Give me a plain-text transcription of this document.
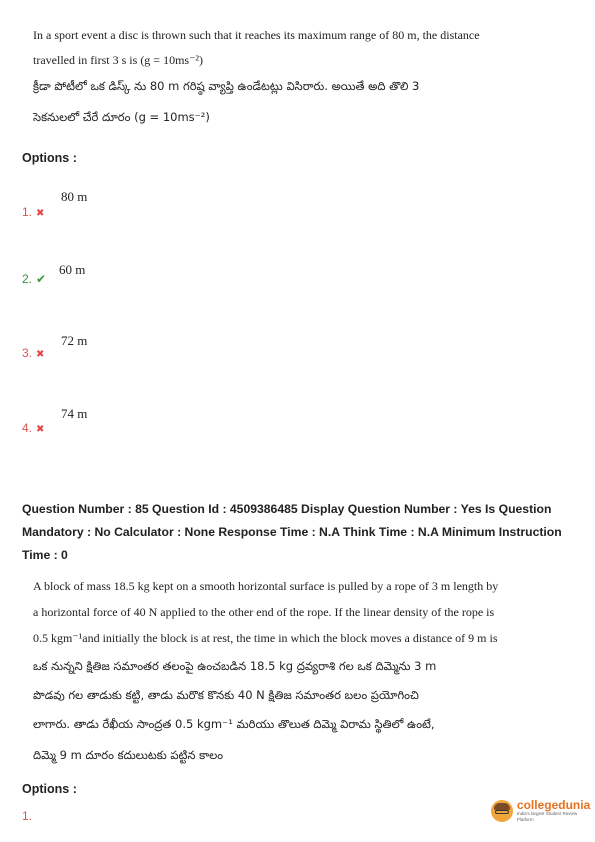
In a sport event a disc is thrown such that it reaches its maximum range of 80 m, the distance
travelled in first 3 s is (g = 10ms⁻²)
క్రీడా పోటీలో ఒక డిస్క్ ను 80 m గరిష్ఠ వ్యాప్తి ఉండేటట్లు విసిరారు. అయితే అది తొలి 3
సెకనులలో చేరే దూరం (g = 10ms⁻²)
Options :
80 m
1. ✖
60 m
2. ✔
72 m
3. ✖
74 m
4. ✖
Question Number : 85 Question Id : 4509386485 Display Question Number : Yes Is Question
Mandatory : No Calculator : None Response Time : N.A Think Time : N.A Minimum Instruction
Time : 0
A block of mass 18.5 kg kept on a smooth horizontal surface is pulled by a rope of 3 m length by
a horizontal force of 40 N applied to the other end of the rope. If the linear density of the rope is
0.5 kgm⁻¹and initially the block is at rest, the time in which the block moves a distance of 9 m is
ఒక నున్నని క్షితిజ సమాంతర తలంపై ఉంచబడిన 18.5 kg ద్రవ్యరాశి గల ఒక దిమ్మెను 3 m
పొడవు గల తాడుకు కట్టి, తాడు మరొక కొనకు 40 N క్షితిజ సమాంతర బలం ప్రయోగించి
లాగారు. తాడు రేఖీయ సాంద్రత 0.5 kgm⁻¹ మరియు తొలుత దిమ్మె విరామ స్థితిలో ఉంటే,
దిమ్మె 9 m దూరం కదులుటకు పట్టిన కాలం
Options :
1.
collegedunia
India's largest Student Review Platform
